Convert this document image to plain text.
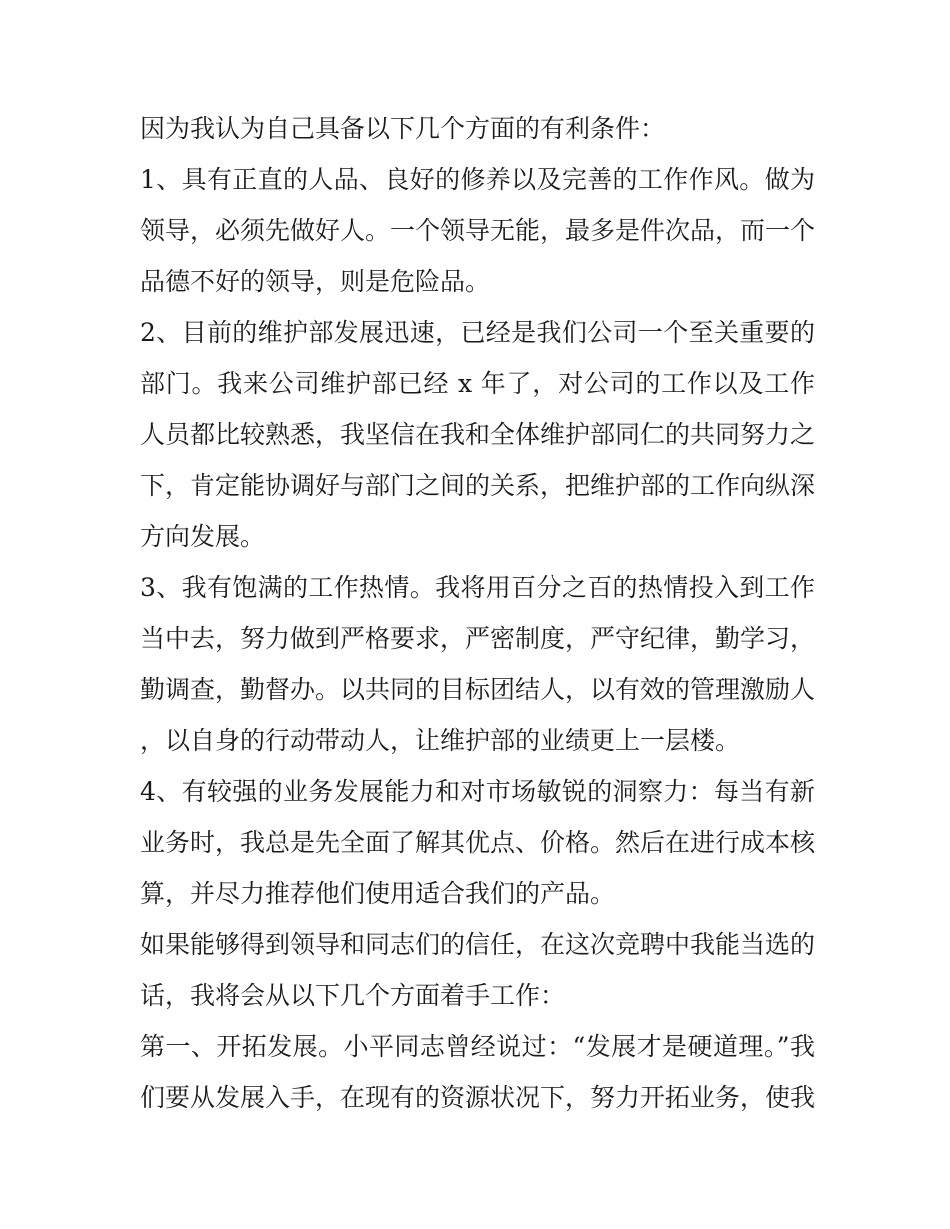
因为我认为自己具备以下几个方面的有利条件：

1、具有正直的人品、良好的修养以及完善的工作作风。做为领导，必须先做好人。一个领导无能，最多是件次品，而一个品德不好的领导，则是危险品。

2、目前的维护部发展迅速，已经是我们公司一个至关重要的部门。我来公司维护部已经 x 年了，对公司的工作以及工作人员都比较熟悉，我坚信在我和全体维护部同仁的共同努力之下，肯定能协调好与部门之间的关系，把维护部的工作向纵深方向发展。

3、我有饱满的工作热情。我将用百分之百的热情投入到工作当中去，努力做到严格要求，严密制度，严守纪律，勤学习，勤调查，勤督办。以共同的目标团结人，以有效的管理激励人，以自身的行动带动人，让维护部的业绩更上一层楼。

4、有较强的业务发展能力和对市场敏锐的洞察力：每当有新业务时，我总是先全面了解其优点、价格。然后在进行成本核算，并尽力推荐他们使用适合我们的产品。

如果能够得到领导和同志们的信任，在这次竞聘中我能当选的话，我将会从以下几个方面着手工作：

第一、开拓发展。小平同志曾经说过：“发展才是硬道理。”我们要从发展入手，在现有的资源状况下，努力开拓业务，使我
